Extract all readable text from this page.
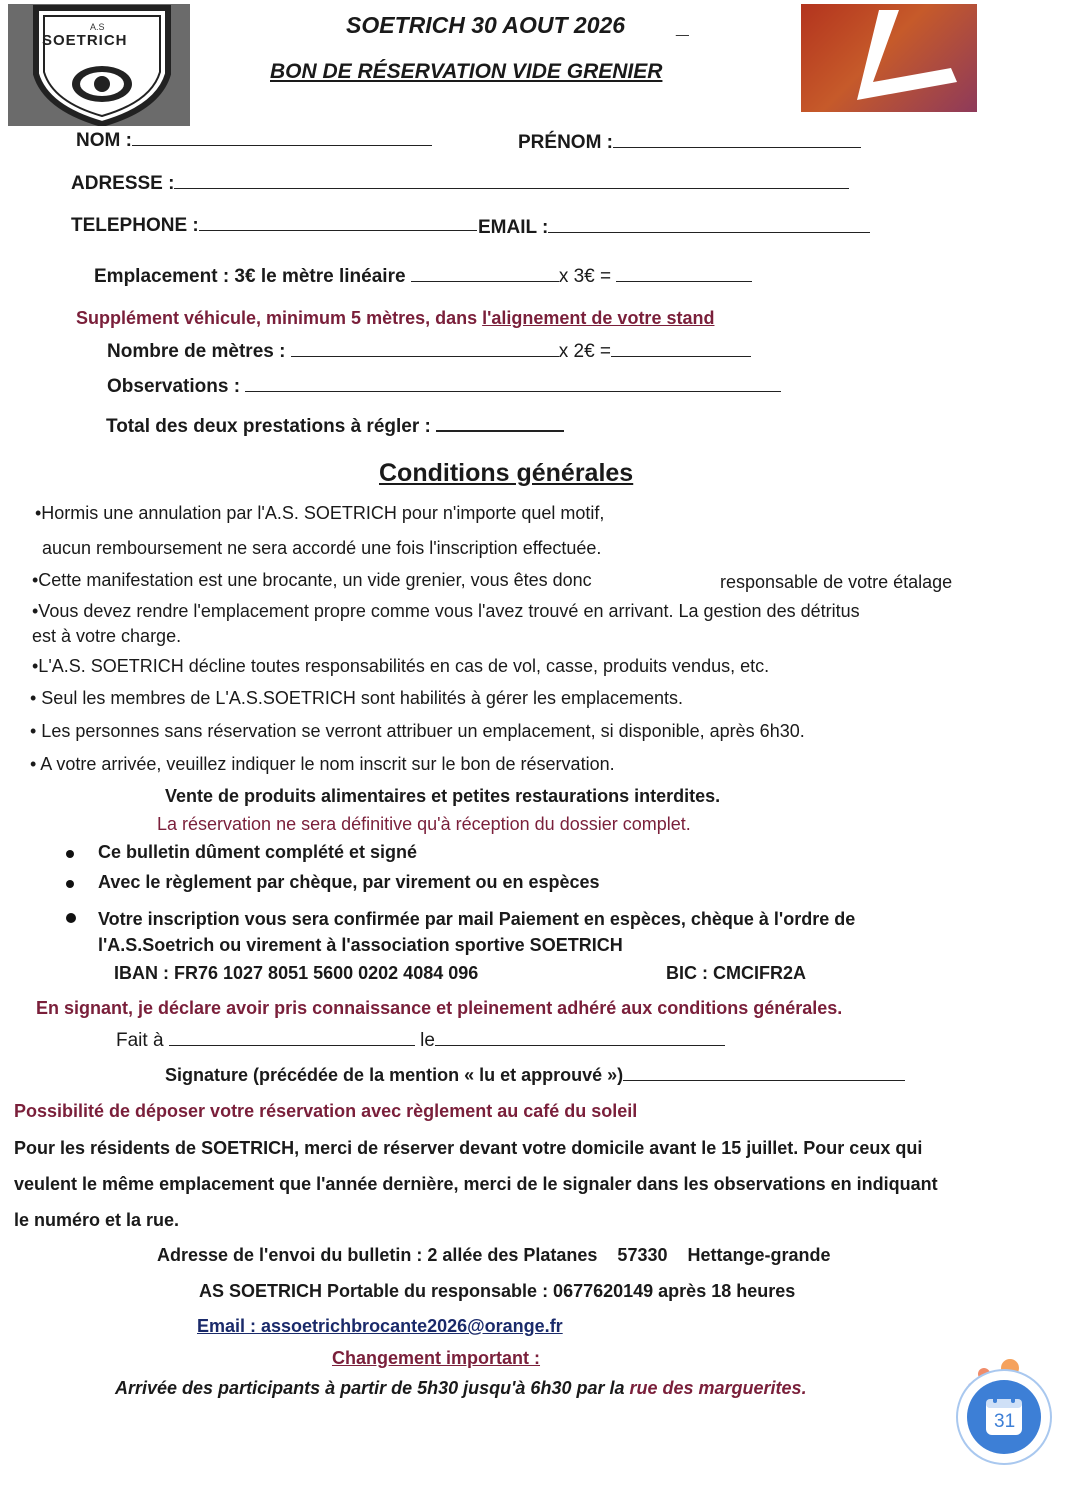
A.S
SOETRICH
SOETRICH 30 AOUT 2026 _
BON DE RÉSERVATION VIDE GRENIER
NOM :	PRÉNOM :
ADRESSE :
TELEPHONE :	EMAIL :
Emplacement : 3€ le mètre linéaire	x 3€ =
Supplément véhicule, minimum 5 mètres, dans l'alignement de votre stand
Nombre de mètres :	x 2€ =
Observations :
Total des deux prestations à régler :
Conditions générales
•Hormis une annulation par l'A.S. SOETRICH pour n'importe quel motif,
aucun remboursement ne sera accordé une fois l'inscription effectuée.
•Cette manifestation est une brocante, un vide grenier, vous êtes donc	responsable de votre étalage
•Vous devez rendre l'emplacement propre comme vous l'avez trouvé en arrivant. La gestion des détritus
est à votre charge.
•L'A.S. SOETRICH décline toutes responsabilités en cas de vol, casse, produits vendus, etc.
• Seul les membres de L'A.S.SOETRICH sont habilités à gérer les emplacements.
• Les personnes sans réservation se verront attribuer un emplacement, si disponible, après 6h30.
• A votre arrivée, veuillez indiquer le nom inscrit sur le bon de réservation.
Vente de produits alimentaires et petites restaurations interdites.
La réservation ne sera définitive qu'à réception du dossier complet.
Ce bulletin dûment complété et signé
Avec le règlement par chèque, par virement ou en espèces
Votre inscription vous sera confirmée par mail Paiement en espèces, chèque à l'ordre de
l'A.S.Soetrich ou virement à l'association sportive SOETRICH
IBAN : FR76 1027 8051 5600 0202 4084 096	BIC : CMCIFR2A
En signant, je déclare avoir pris connaissance et pleinement adhéré aux conditions générales.
Fait à	le
Signature (précédée de la mention « lu et approuvé »)
Possibilité de déposer votre réservation avec règlement au café du soleil
Pour les résidents de SOETRICH, merci de réserver devant votre domicile avant le 15 juillet. Pour ceux qui
veulent le même emplacement que l'année dernière, merci de le signaler dans les observations en indiquant
le numéro et la rue.
Adresse de l'envoi du bulletin : 2 allée des Platanes    57330    Hettange-grande
AS SOETRICH Portable du responsable : 0677620149 après 18 heures
Email : assoetrichbrocante2026@orange.fr
Changement important :
Arrivée des participants à partir de 5h30 jusqu'à 6h30 par la rue des marguerites.
31
